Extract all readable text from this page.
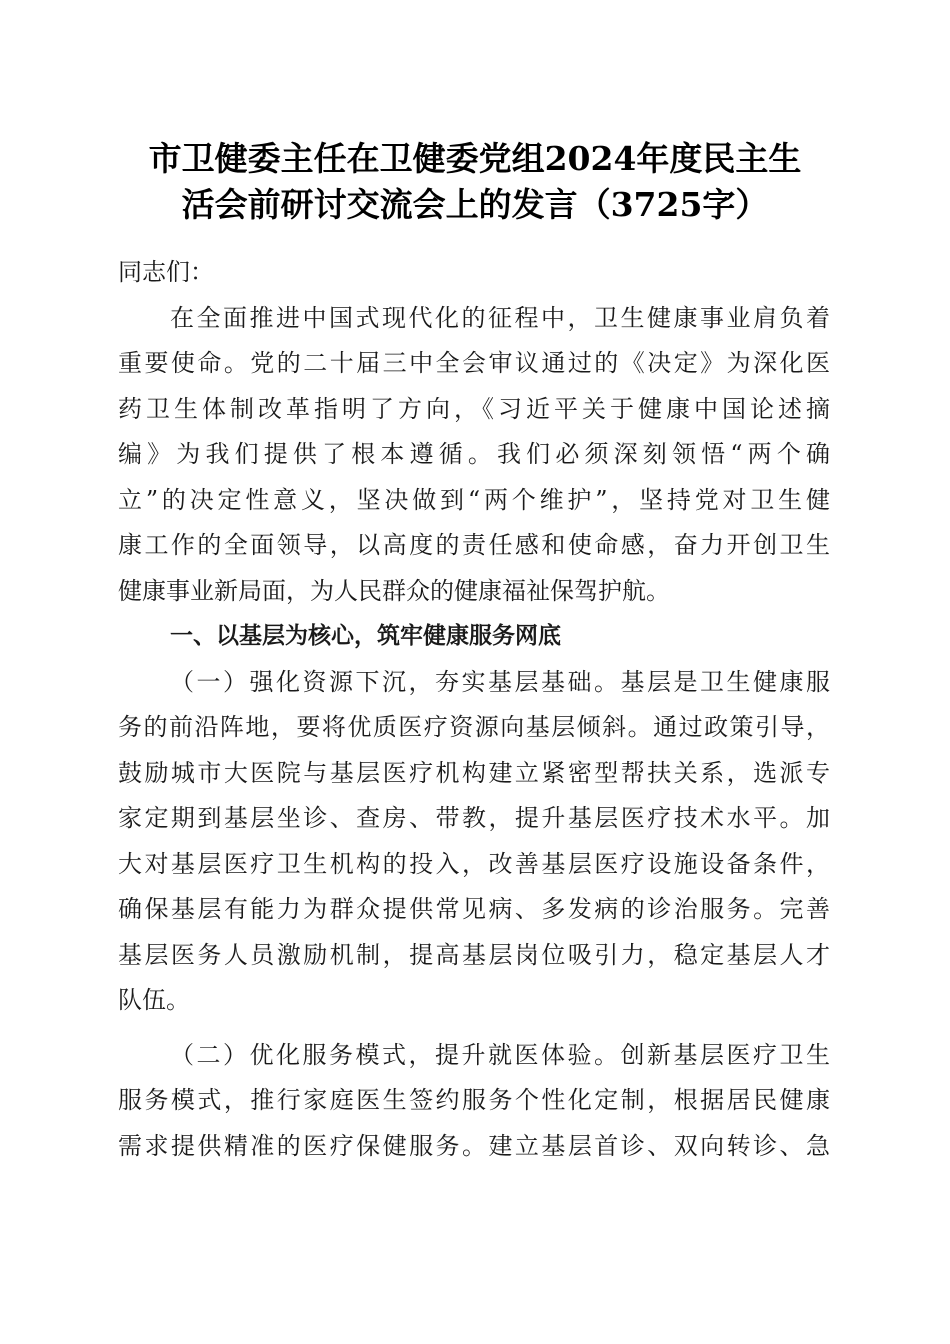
市卫健委主任在卫健委党组2024年度民主生
活会前研讨交流会上的发言（3725字）
同志们：
在全面推进中国式现代化的征程中，卫生健康事业肩负着
重要使命。党的二十届三中全会审议通过的《决定》为深化医
药卫生体制改革指明了方向，《习近平关于健康中国论述摘
编》为我们提供了根本遵循。我们必须深刻领悟“两个确
立”的决定性意义，坚决做到“两个维护”，坚持党对卫生健
康工作的全面领导，以高度的责任感和使命感，奋力开创卫生
健康事业新局面，为人民群众的健康福祉保驾护航。
一、以基层为核心，筑牢健康服务网底
（一）强化资源下沉，夯实基层基础。基层是卫生健康服
务的前沿阵地，要将优质医疗资源向基层倾斜。通过政策引导，
鼓励城市大医院与基层医疗机构建立紧密型帮扶关系，选派专
家定期到基层坐诊、查房、带教，提升基层医疗技术水平。加
大对基层医疗卫生机构的投入，改善基层医疗设施设备条件，
确保基层有能力为群众提供常见病、多发病的诊治服务。完善
基层医务人员激励机制，提高基层岗位吸引力，稳定基层人才
队伍。
（二）优化服务模式，提升就医体验。创新基层医疗卫生
服务模式，推行家庭医生签约服务个性化定制，根据居民健康
需求提供精准的医疗保健服务。建立基层首诊、双向转诊、急
